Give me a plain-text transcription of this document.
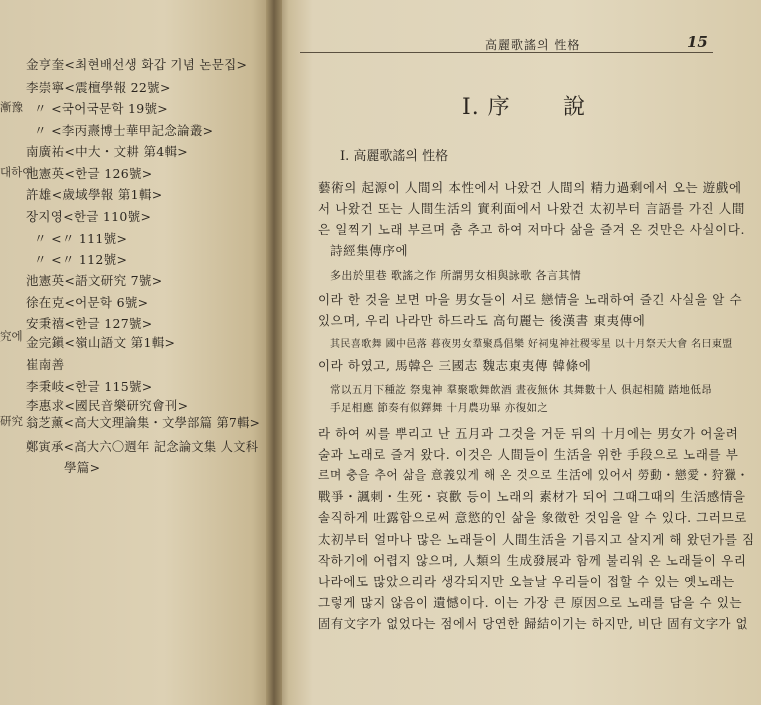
漸豫
대하여
究에
研究
金亨奎<최현배선생 화갑 기념 논문집>
李崇寧<震檀學報 22號>
〃 <국어국문학 19號>
〃 <李丙燾博士華甲記念論叢>
南廣祐<中大・文耕 第4輯>
池憲英<한글 126號>
許雄<歲域學報 第1輯>
장지영<한글 110號>
〃 <〃 111號>
〃 <〃 112號>
池憲英<語文研究 7號>
徐在克<어문학 6號>
安秉禧<한글 127號>
金完鎭<嶺山語文 第1輯>
崔南善
李秉岐<한글 115號>
李惠求<國民音樂研究會刊>
翁芝薰<高大文理論集・文學部篇 第7輯>
鄭寅承<高大六〇週年 記念論文集 人文科
學篇>
高麗歌謠의 性格	15
Ⅰ. 序 說
Ⅰ. 高麗歌謠의 性格
藝術의 起源이 人間의 本性에서 나왔건 人間의 精力過剩에서 오는 遊戲에
서 나왔건 또는 人間生活의 實利面에서 나왔건 太初부터 言語를 가진 人間
은 일찍기 노래 부르며 춤 추고 하여 저마다 삶을 즐겨 온 것만은 사실이다.
詩經集傳序에
多出於里巷 歌謠之作 所謂男女相與詠歌 各言其情
이라 한 것을 보면 마을 男女들이 서로 戀情을 노래하여 즐긴 사실을 알 수
있으며, 우리 나라만 하드라도 高句麗는 後漢書 東夷傳에
其民喜歌舞 國中邑落 暮夜男女羣聚爲倡樂 好祠鬼神社稷零星 以十月祭天大會 名曰東盟
이라 하였고, 馬韓은 三國志 魏志東夷傳 韓條에
常以五月下種訖 祭鬼神 羣聚歌舞飲酒 晝夜無休 其舞數十人 俱起相隨 踏地低昂
手足相應 節奏有似鐸舞 十月農功畢 亦復如之
라 하여 씨를 뿌리고 난 五月과 그것을 거둔 뒤의 十月에는 男女가 어울려
술과 노래로 즐겨 왔다. 이것은 人間들이 生活을 위한 手段으로 노래를 부
르며 충을 추어 삶을 意義있게 해 온 것으로 生活에 있어서 勞動・戀愛・狩獵・
戰爭・諷刺・生死・哀歡 등이 노래의 素材가 되어 그때그때의 生活感情을
솔직하게 吐露함으로써 意慾的인 삶을 象徵한 것임을 알 수 있다. 그러므로
太初부터 얼마나 많은 노래들이 人間生活을 기름지고 살지게 해 왔던가를 짐
작하기에 어렵지 않으며, 人類의 生成發展과 함께 불리워 온 노래들이 우리
나라에도 많았으리라 생각되지만 오늘날 우리들이 접할 수 있는 옛노래는
그렇게 많지 않음이 遺憾이다. 이는 가장 큰 原因으로 노래를 담을 수 있는
固有文字가 없었다는 점에서 당연한 歸結이기는 하지만, 비단 固有文字가 없
